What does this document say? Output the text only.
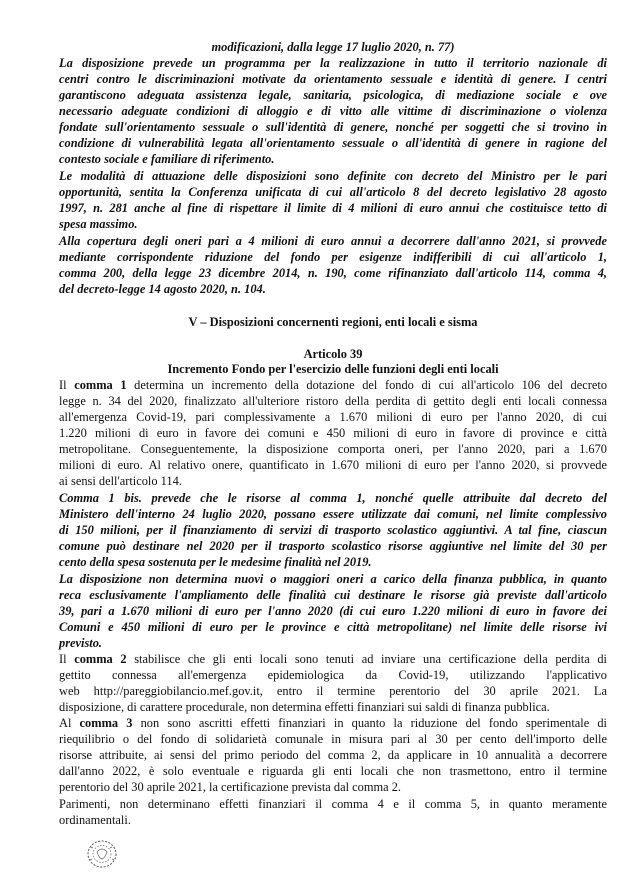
modificazioni, dalla legge 17 luglio 2020, n. 77)
La disposizione prevede un programma per la realizzazione in tutto il territorio nazionale di
centri contro le discriminazioni motivate da orientamento sessuale e identità di genere. I centri
garantiscono adeguata assistenza legale, sanitaria, psicologica, di mediazione sociale e ove
necessario adeguate condizioni di alloggio e di vitto alle vittime di discriminazione o violenza
fondate sull'orientamento sessuale o sull'identità di genere, nonché per soggetti che si trovino in
condizione di vulnerabilità legata all'orientamento sessuale o all'identità di genere in ragione del
contesto sociale e familiare di riferimento.
Le modalità di attuazione delle disposizioni sono definite con decreto del Ministro per le pari
opportunità, sentita la Conferenza unificata di cui all'articolo 8 del decreto legislativo 28 agosto
1997, n. 281 anche al fine di rispettare il limite di 4 milioni di euro annui che costituisce tetto di
spesa massimo.
Alla copertura degli oneri pari a 4 milioni di euro annui a decorrere dall'anno 2021, si provvede
mediante corrispondente riduzione del fondo per esigenze indifferibili di cui all'articolo 1,
comma 200, della legge 23 dicembre 2014, n. 190, come rifinanziato dall'articolo 114, comma 4,
del decreto-legge 14 agosto 2020, n. 104.
V – Disposizioni concernenti regioni, enti locali e sisma
Articolo 39
Incremento Fondo per l'esercizio delle funzioni degli enti locali
Il comma 1 determina un incremento della dotazione del fondo di cui all'articolo 106 del decreto
legge n. 34 del 2020, finalizzato all'ulteriore ristoro della perdita di gettito degli enti locali connessa
all'emergenza Covid-19, pari complessivamente a 1.670 milioni di euro per l'anno 2020, di cui
1.220 milioni di euro in favore dei comuni e 450 milioni di euro in favore di province e città
metropolitane. Conseguentemente, la disposizione comporta oneri, per l'anno 2020, pari a 1.670
milioni di euro. Al relativo onere, quantificato in 1.670 milioni di euro per l'anno 2020, si provvede
ai sensi dell'articolo 114.
Comma 1 bis. prevede che le risorse al comma 1, nonché quelle attribuite dal decreto del
Ministero dell'interno 24 luglio 2020, possano essere utilizzate dai comuni, nel limite complessivo
di 150 milioni, per il finanziamento di servizi di trasporto scolastico aggiuntivi. A tal fine, ciascun
comune può destinare nel 2020 per il trasporto scolastico risorse aggiuntive nel limite del 30 per
cento della spesa sostenuta per le medesime finalità nel 2019.
La disposizione non determina nuovi o maggiori oneri a carico della finanza pubblica, in quanto
reca esclusivamente l'ampliamento delle finalità cui destinare le risorse già previste dall'articolo
39, pari a 1.670 milioni di euro per l'anno 2020 (di cui euro 1.220 milioni di euro in favore dei
Comuni e 450 milioni di euro per le province e città metropolitane) nel limite delle risorse ivi
previsto.
Il comma 2 stabilisce che gli enti locali sono tenuti ad inviare una certificazione della perdita di
gettito connessa all'emergenza epidemiologica da Covid-19, utilizzando l'applicativo
web http://pareggiobilancio.mef.gov.it, entro il termine perentorio del 30 aprile 2021. La
disposizione, di carattere procedurale, non determina effetti finanziari sui saldi di finanza pubblica.
Al comma 3 non sono ascritti effetti finanziari in quanto la riduzione del fondo sperimentale di
riequilibrio o del fondo di solidarietà comunale in misura pari al 30 per cento dell'importo delle
risorse attribuite, ai sensi del primo periodo del comma 2, da applicare in 10 annualità a decorrere
dall'anno 2022, è solo eventuale e riguarda gli enti locali che non trasmettono, entro il termine
perentorio del 30 aprile 2021, la certificazione prevista dal comma 2.
Parimenti, non determinano effetti finanziari il comma 4 e il comma 5, in quanto meramente
ordinamentali.
